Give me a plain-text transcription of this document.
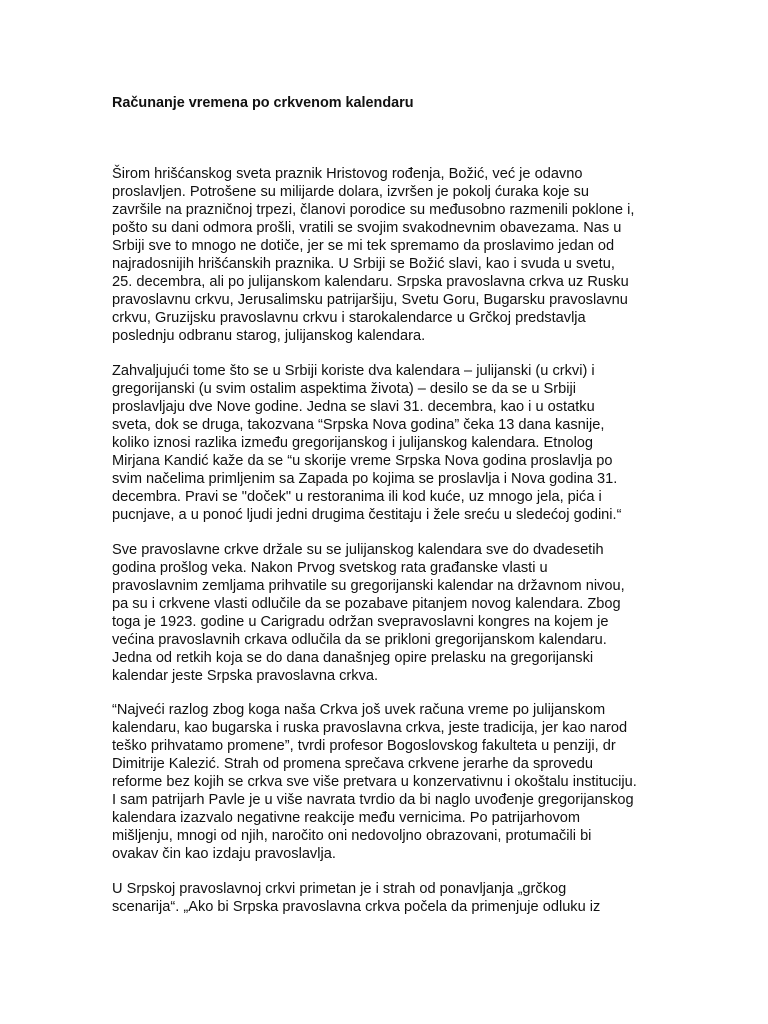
Računanje vremena po crkvenom kalendaru
Širom hrišćanskog sveta praznik Hristovog rođenja, Božić, već je odavno
proslavljen. Potrošene su milijarde dolara, izvršen je pokolj ćuraka koje su
završile na prazničnoj trpezi, članovi porodice su međusobno razmenili poklone i,
pošto su dani odmora prošli, vratili se svojim svakodnevnim obavezama. Nas u
Srbiji sve to mnogo ne dotiče, jer se mi tek spremamo da proslavimo jedan od
najradosnijih hrišćanskih praznika. U Srbiji se Božić slavi, kao i svuda u svetu,
25. decembra, ali po julijanskom kalendaru. Srpska pravoslavna crkva uz Rusku
pravoslavnu crkvu, Jerusalimsku patrijaršiju, Svetu Goru, Bugarsku pravoslavnu
crkvu, Gruzijsku pravoslavnu crkvu i starokalendarce u Grčkoj predstavlja
poslednju odbranu starog, julijanskog kalendara.
Zahvaljujući tome što se u Srbiji koriste dva kalendara – julijanski (u crkvi) i
gregorijanski (u svim ostalim aspektima života) – desilo se da se u Srbiji
proslavljaju dve Nove godine. Jedna se slavi 31. decembra, kao i u ostatku
sveta, dok se druga, takozvana “Srpska Nova godina” čeka 13 dana kasnije,
koliko iznosi razlika između gregorijanskog i julijanskog kalendara. Etnolog
Mirjana Kandić kaže da se “u skorije vreme Srpska Nova godina proslavlja po
svim načelima primljenim sa Zapada po kojima se proslavlja i Nova godina 31.
decembra. Pravi se "doček" u restoranima ili kod kuće, uz mnogo jela, pića i
pucnjave, a u ponoć ljudi jedni drugima čestitaju i žele sreću u sledećoj godini.“
Sve pravoslavne crkve držale su se julijanskog kalendara sve do dvadesetih
godina prošlog veka. Nakon Prvog svetskog rata građanske vlasti u
pravoslavnim zemljama prihvatile su gregorijanski kalendar na državnom nivou,
pa su i crkvene vlasti odlučile da se pozabave pitanjem novog kalendara. Zbog
toga je 1923. godine u Carigradu održan svepravoslavni kongres na kojem je
većina pravoslavnih crkava odlučila da se prikloni gregorijanskom kalendaru.
Jedna od retkih koja se do dana današnjeg opire prelasku na gregorijanski
kalendar jeste Srpska pravoslavna crkva.
“Najveći razlog zbog koga naša Crkva još uvek računa vreme po julijanskom
kalendaru, kao bugarska i ruska pravoslavna crkva, jeste tradicija, jer kao narod
teško prihvatamo promene”, tvrdi profesor Bogoslovskog fakulteta u penziji, dr
Dimitrije Kalezić. Strah od promena sprečava crkvene jerarhe da sprovedu
reforme bez kojih se crkva sve više pretvara u konzervativnu i okoštalu instituciju.
I sam patrijarh Pavle je u više navrata tvrdio da bi naglo uvođenje gregorijanskog
kalendara izazvalo negativne reakcije među vernicima. Po patrijarhovom
mišljenju, mnogi od njih, naročito oni nedovoljno obrazovani, protumačili bi
ovakav čin kao izdaju pravoslavlja.
U Srpskoj pravoslavnoj crkvi primetan je i strah od ponavljanja „grčkog
scenarija“. „Ako bi Srpska pravoslavna crkva počela da primenjuje odluku iz
